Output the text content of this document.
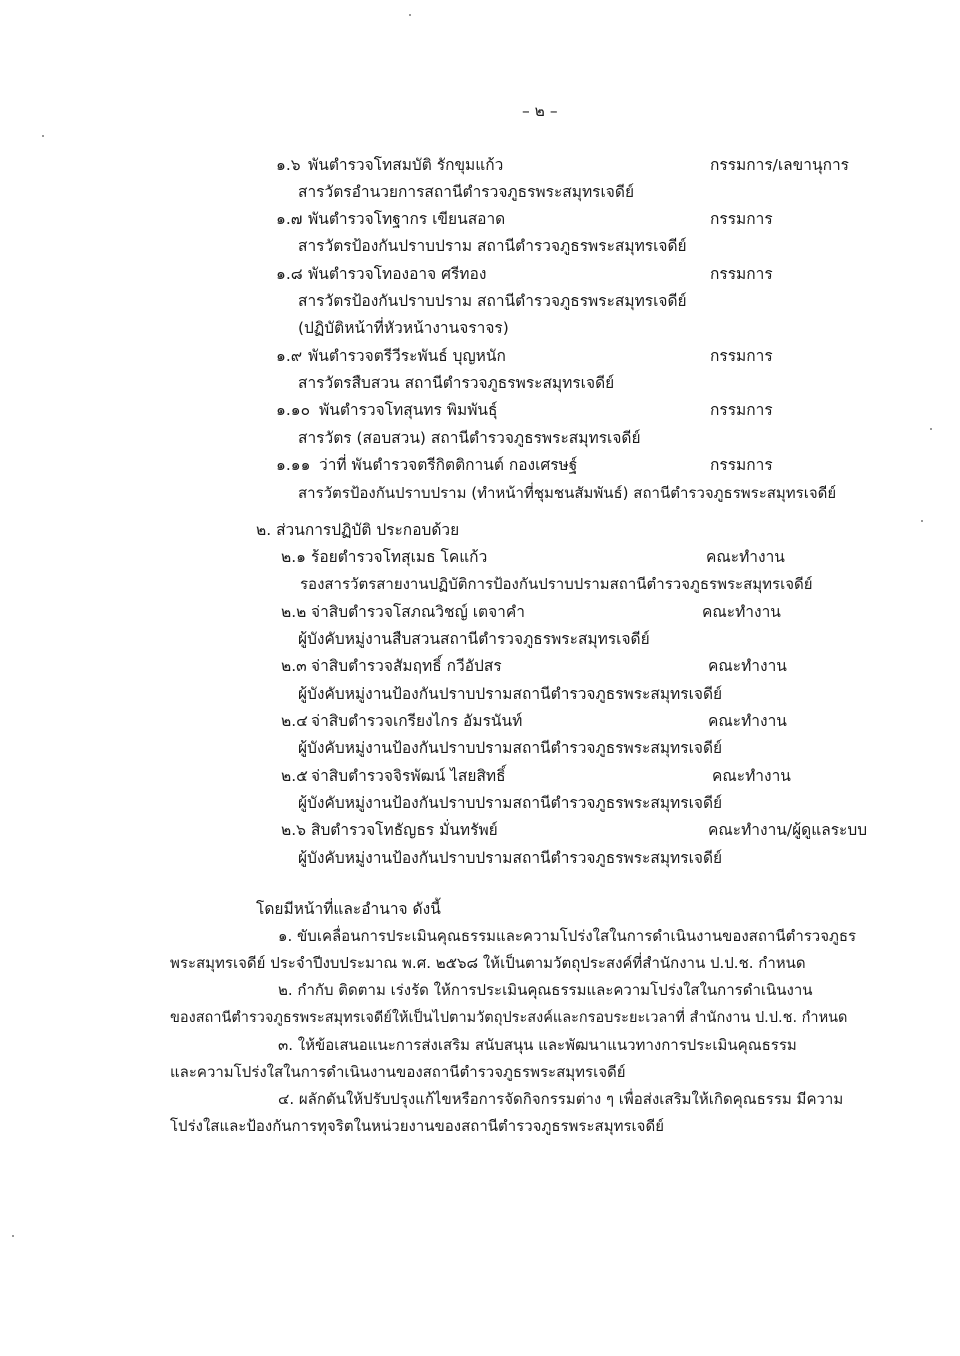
– ๒ –
๑.๖ พันตำรวจโทสมบัติ รักขุมแก้ว	กรรมการ/เลขานุการ
สารวัตรอำนวยการสถานีตำรวจภูธรพระสมุทรเจดีย์
๑.๗ พันตำรวจโทฐากร เขียนสอาด	กรรมการ
สารวัตรป้องกันปราบปราม สถานีตำรวจภูธรพระสมุทรเจดีย์
๑.๘ พันตำรวจโทองอาจ ศรีทอง	กรรมการ
สารวัตรป้องกันปราบปราม สถานีตำรวจภูธรพระสมุทรเจดีย์
(ปฏิบัติหน้าที่หัวหน้างานจราจร)
๑.๙ พันตำรวจตรีวีระพันธ์ บุญหนัก	กรรมการ
สารวัตรสืบสวน สถานีตำรวจภูธรพระสมุทรเจดีย์
๑.๑๐ พันตำรวจโทสุนทร พิมพันธุ์	กรรมการ
สารวัตร (สอบสวน) สถานีตำรวจภูธรพระสมุทรเจดีย์
๑.๑๑ ว่าที่ พันตำรวจตรีกิตติกานต์ กองเศรษฐ์	กรรมการ
สารวัตรป้องกันปราบปราม (ทำหน้าที่ชุมชนสัมพันธ์) สถานีตำรวจภูธรพระสมุทรเจดีย์
๒. ส่วนการปฏิบัติ ประกอบด้วย
๒.๑ ร้อยตำรวจโทสุเมธ โคแก้ว	คณะทำงาน
รองสารวัตรสายงานปฏิบัติการป้องกันปราบปรามสถานีตำรวจภูธรพระสมุทรเจดีย์
๒.๒ จ่าสิบตำรวจโสภณวิชญ์ เตจาคำ	คณะทำงาน
ผู้บังคับหมู่งานสืบสวนสถานีตำรวจภูธรพระสมุทรเจดีย์
๒.๓ จ่าสิบตำรวจสัมฤทธิ์ กวีอัปสร	คณะทำงาน
ผู้บังคับหมู่งานป้องกันปราบปรามสถานีตำรวจภูธรพระสมุทรเจดีย์
๒.๔ จ่าสิบตำรวจเกรียงไกร อัมรนันท์	คณะทำงาน
ผู้บังคับหมู่งานป้องกันปราบปรามสถานีตำรวจภูธรพระสมุทรเจดีย์
๒.๕ จ่าสิบตำรวจจิรพัฒน์ ไสยสิทธิ์	คณะทำงาน
ผู้บังคับหมู่งานป้องกันปราบปรามสถานีตำรวจภูธรพระสมุทรเจดีย์
๒.๖ สิบตำรวจโทธัญธร มั่นทรัพย์	คณะทำงาน/ผู้ดูแลระบบ
ผู้บังคับหมู่งานป้องกันปราบปรามสถานีตำรวจภูธรพระสมุทรเจดีย์
โดยมีหน้าที่และอำนาจ ดังนี้
๑. ขับเคลื่อนการประเมินคุณธรรมและความโปร่งใสในการดำเนินงานของสถานีตำรวจภูธร
พระสมุทรเจดีย์ ประจำปีงบประมาณ พ.ศ. ๒๕๖๘ ให้เป็นตามวัตถุประสงค์ที่สำนักงาน ป.ป.ช. กำหนด
๒. กำกับ ติดตาม เร่งรัด ให้การประเมินคุณธรรมและความโปร่งใสในการดำเนินงาน
ของสถานีตำรวจภูธรพระสมุทรเจดีย์ให้เป็นไปตามวัตถุประสงค์และกรอบระยะเวลาที่ สำนักงาน ป.ป.ช. กำหนด
๓. ให้ข้อเสนอแนะการส่งเสริม สนับสนุน และพัฒนาแนวทางการประเมินคุณธรรม
และความโปร่งใสในการดำเนินงานของสถานีตำรวจภูธรพระสมุทรเจดีย์
๔. ผลักดันให้ปรับปรุงแก้ไขหรือการจัดกิจกรรมต่าง ๆ เพื่อส่งเสริมให้เกิดคุณธรรม มีความ
โปร่งใสและป้องกันการทุจริตในหน่วยงานของสถานีตำรวจภูธรพระสมุทรเจดีย์
